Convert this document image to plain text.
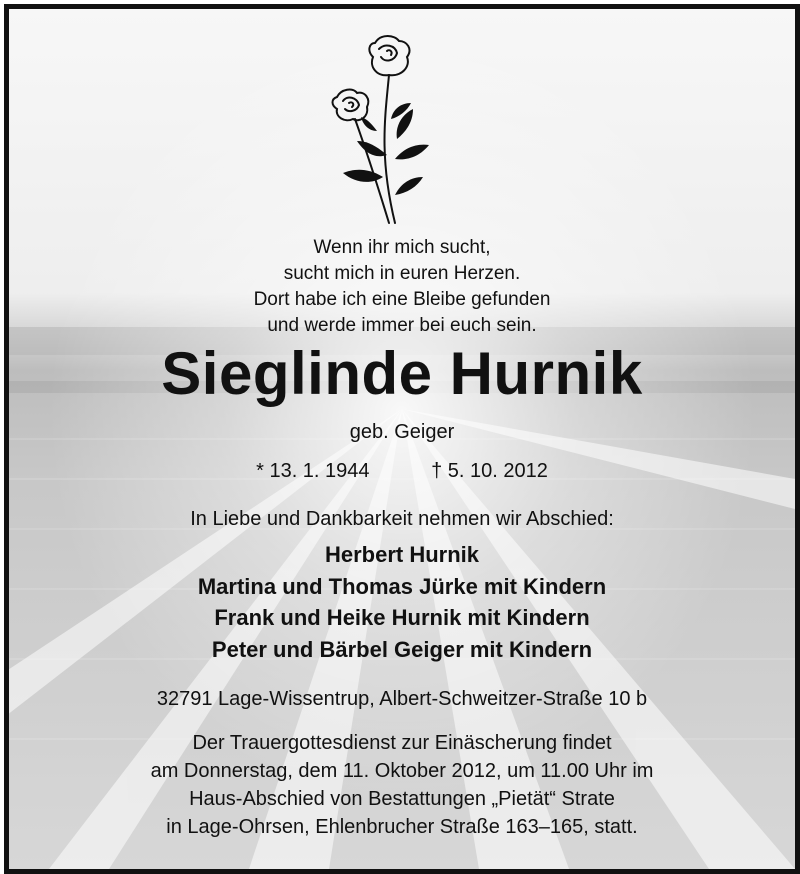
Wenn ihr mich sucht,
sucht mich in euren Herzen.
Dort habe ich eine Bleibe gefunden
und werde immer bei euch sein.
Sieglinde Hurnik
geb. Geiger
* 13. 1. 1944	† 5. 10. 2012
In Liebe und Dankbarkeit nehmen wir Abschied:
Herbert Hurnik
Martina und Thomas Jürke mit Kindern
Frank und Heike Hurnik mit Kindern
Peter und Bärbel Geiger mit Kindern
32791 Lage-Wissentrup, Albert-Schweitzer-Straße 10 b
Der Trauergottesdienst zur Einäscherung findet
am Donnerstag, dem 11. Oktober 2012, um 11.00 Uhr im
Haus-Abschied von Bestattungen „Pietät“ Strate
in Lage-Ohrsen, Ehlenbrucher Straße 163–165, statt.
